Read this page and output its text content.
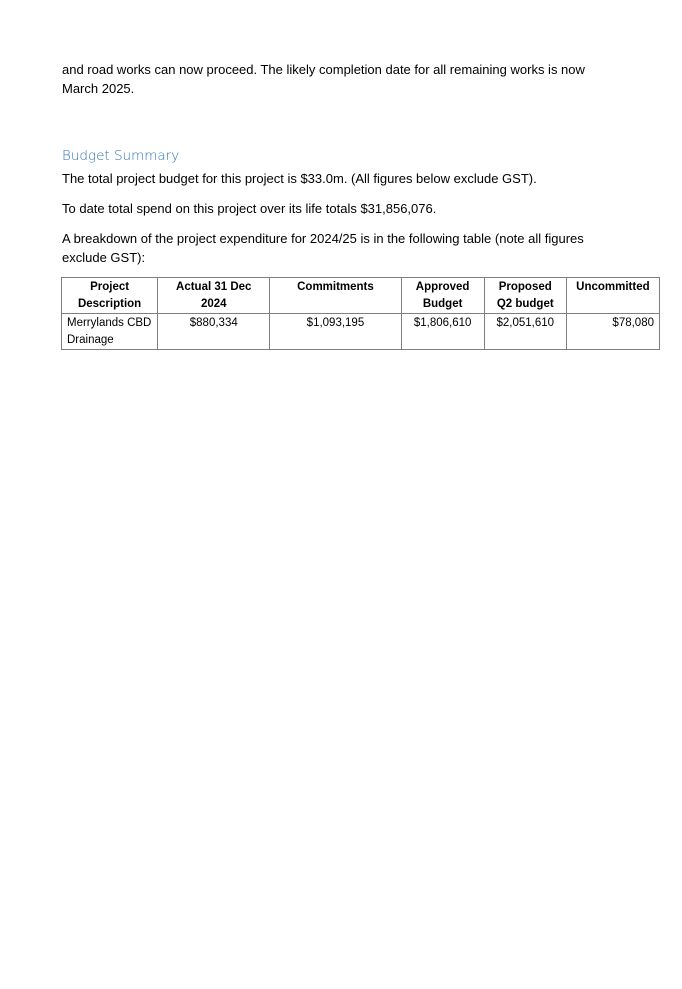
and road works can now proceed. The likely completion date for all remaining works is now March 2025.

Budget Summary

The total project budget for this project is $33.0m. (All figures below exclude GST).

To date total spend on this project over its life totals $31,856,076.

A breakdown of the project expenditure for 2024/25 is in the following table (note all figures exclude GST):

Project Description	Actual 31 Dec 2024	Commitments	Approved Budget	Proposed Q2 budget	Uncommitted
Merrylands CBD Drainage	$880,334	$1,093,195	$1,806,610	$2,051,610	$78,080
